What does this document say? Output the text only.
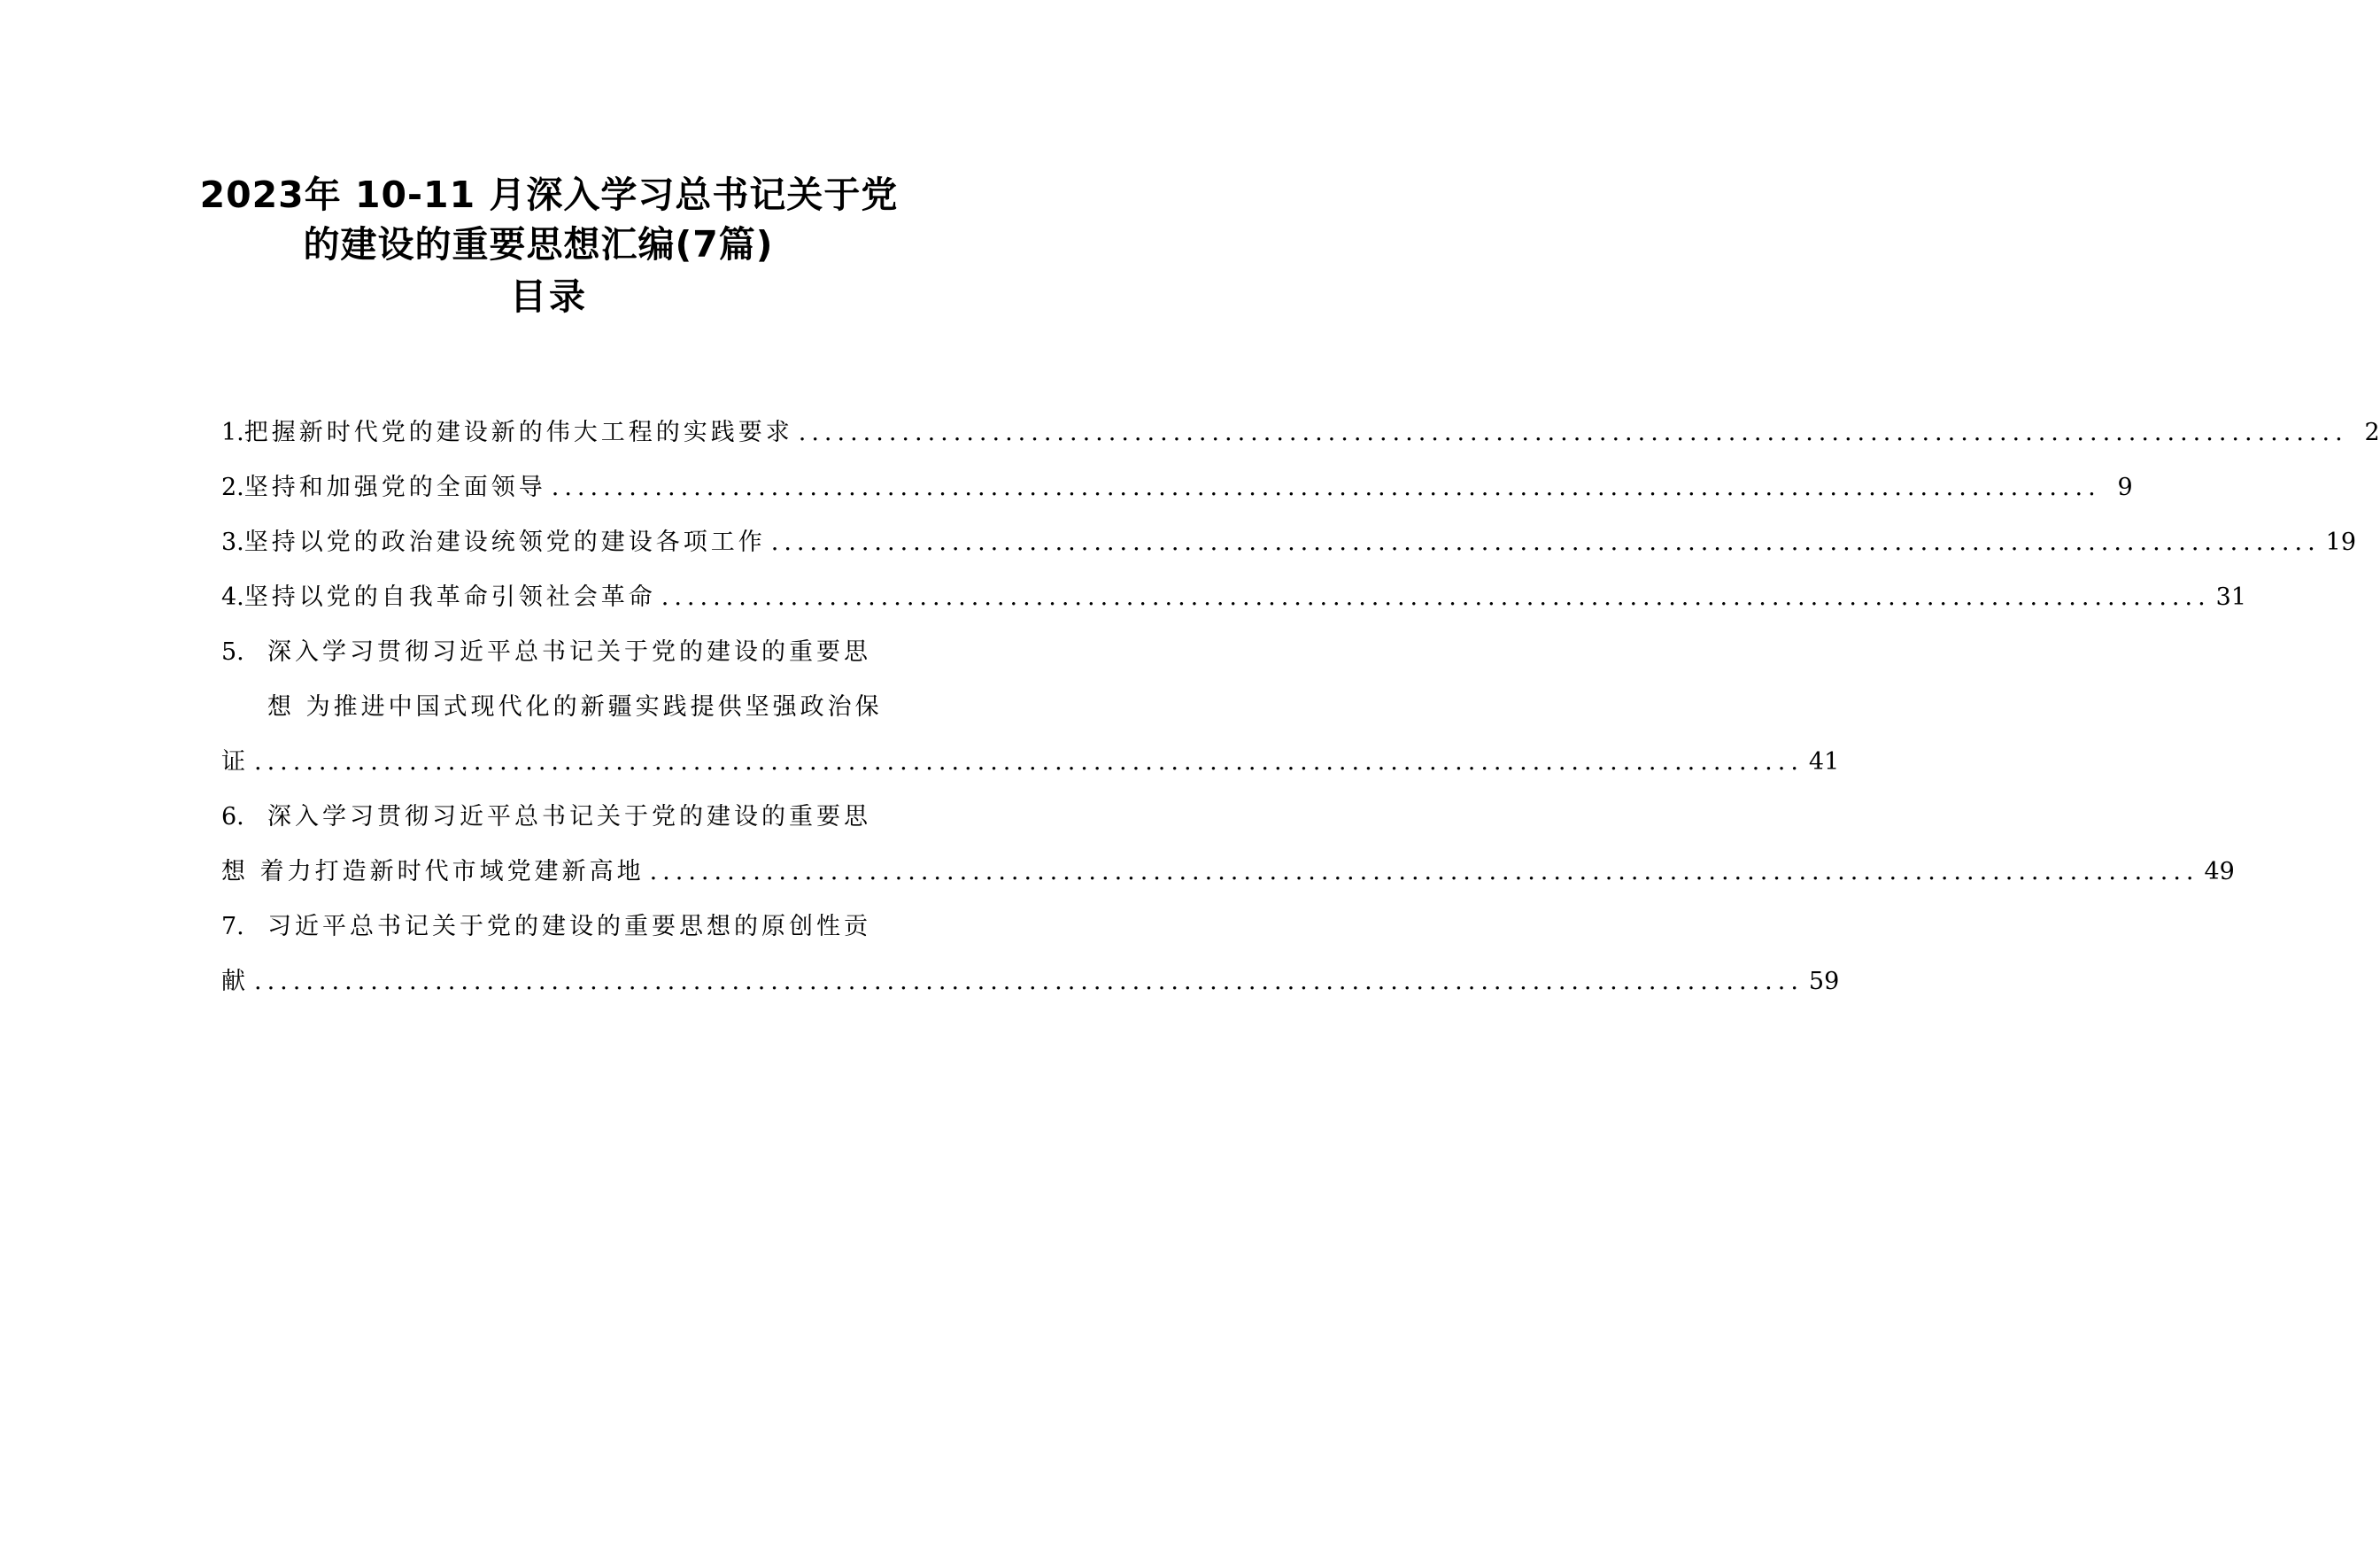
2023年 10-11 月深入学习总书记关于党
的建设的重要思想汇编(7篇)
目录
1. 把握新时代党的建设新的伟大工程的实践要求 ........................................................................................................................ 2
2. 坚持和加强党的全面领导 ........................................................................................................................ 9
3. 坚持以党的政治建设统领党的建设各项工作 ........................................................................................................................ 19
4. 坚持以党的自我革命引领社会革命 ........................................................................................................................ 31
5. 深入学习贯彻习近平总书记关于党的建设的重要思
想 为推进中国式现代化的新疆实践提供坚强政治保
证 ........................................................................................................................ 41
6. 深入学习贯彻习近平总书记关于党的建设的重要思
想 着力打造新时代市域党建新高地 ........................................................................................................................ 49
7. 习近平总书记关于党的建设的重要思想的原创性贡
献 ........................................................................................................................ 59
